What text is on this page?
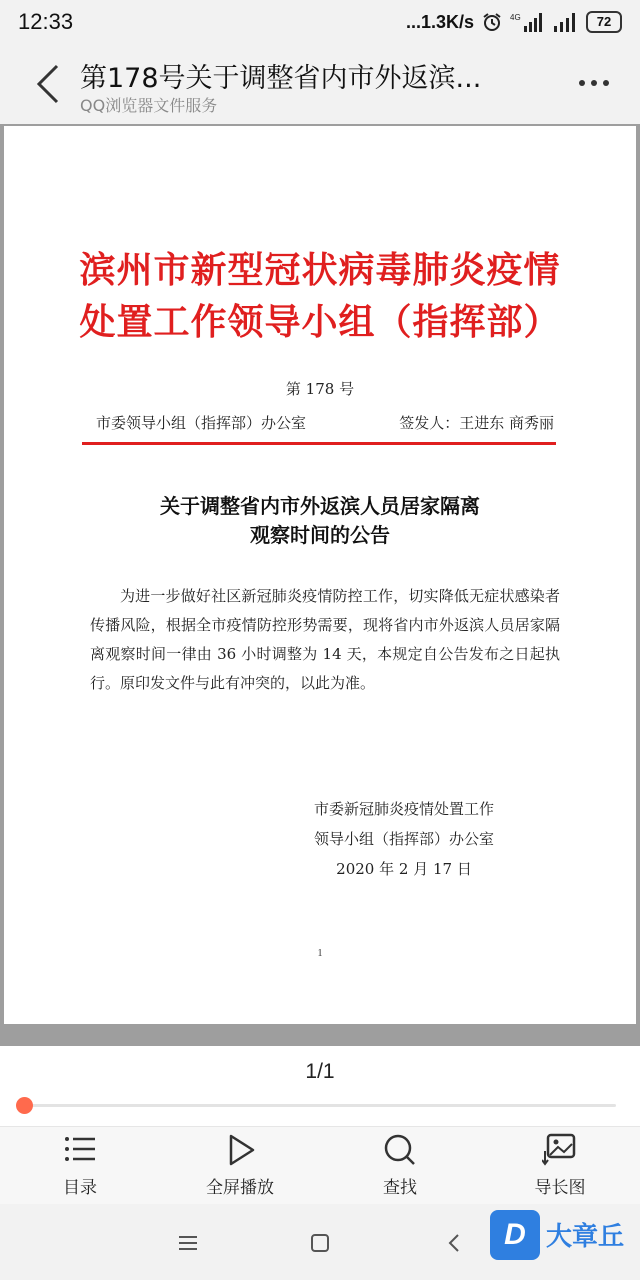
12:33	...1.3K/s	4G	72
第178号关于调整省内市外返滨...
QQ浏览器文件服务
滨州市新型冠状病毒肺炎疫情
处置工作领导小组（指挥部）
第 178 号
市委领导小组（指挥部）办公室	签发人：王进东 商秀丽
关于调整省内市外返滨人员居家隔离
观察时间的公告
为进一步做好社区新冠肺炎疫情防控工作，切实降低无症状感染者传播风险，根据全市疫情防控形势需要，现将省内市外返滨人员居家隔离观察时间一律由 36 小时调整为 14 天，本规定自公告发布之日起执行。原印发文件与此有冲突的，以此为准。
市委新冠肺炎疫情处置工作
领导小组（指挥部）办公室
2020 年 2 月 17 日
1
1/1
目录	全屏播放	查找	导长图
D 大章丘
